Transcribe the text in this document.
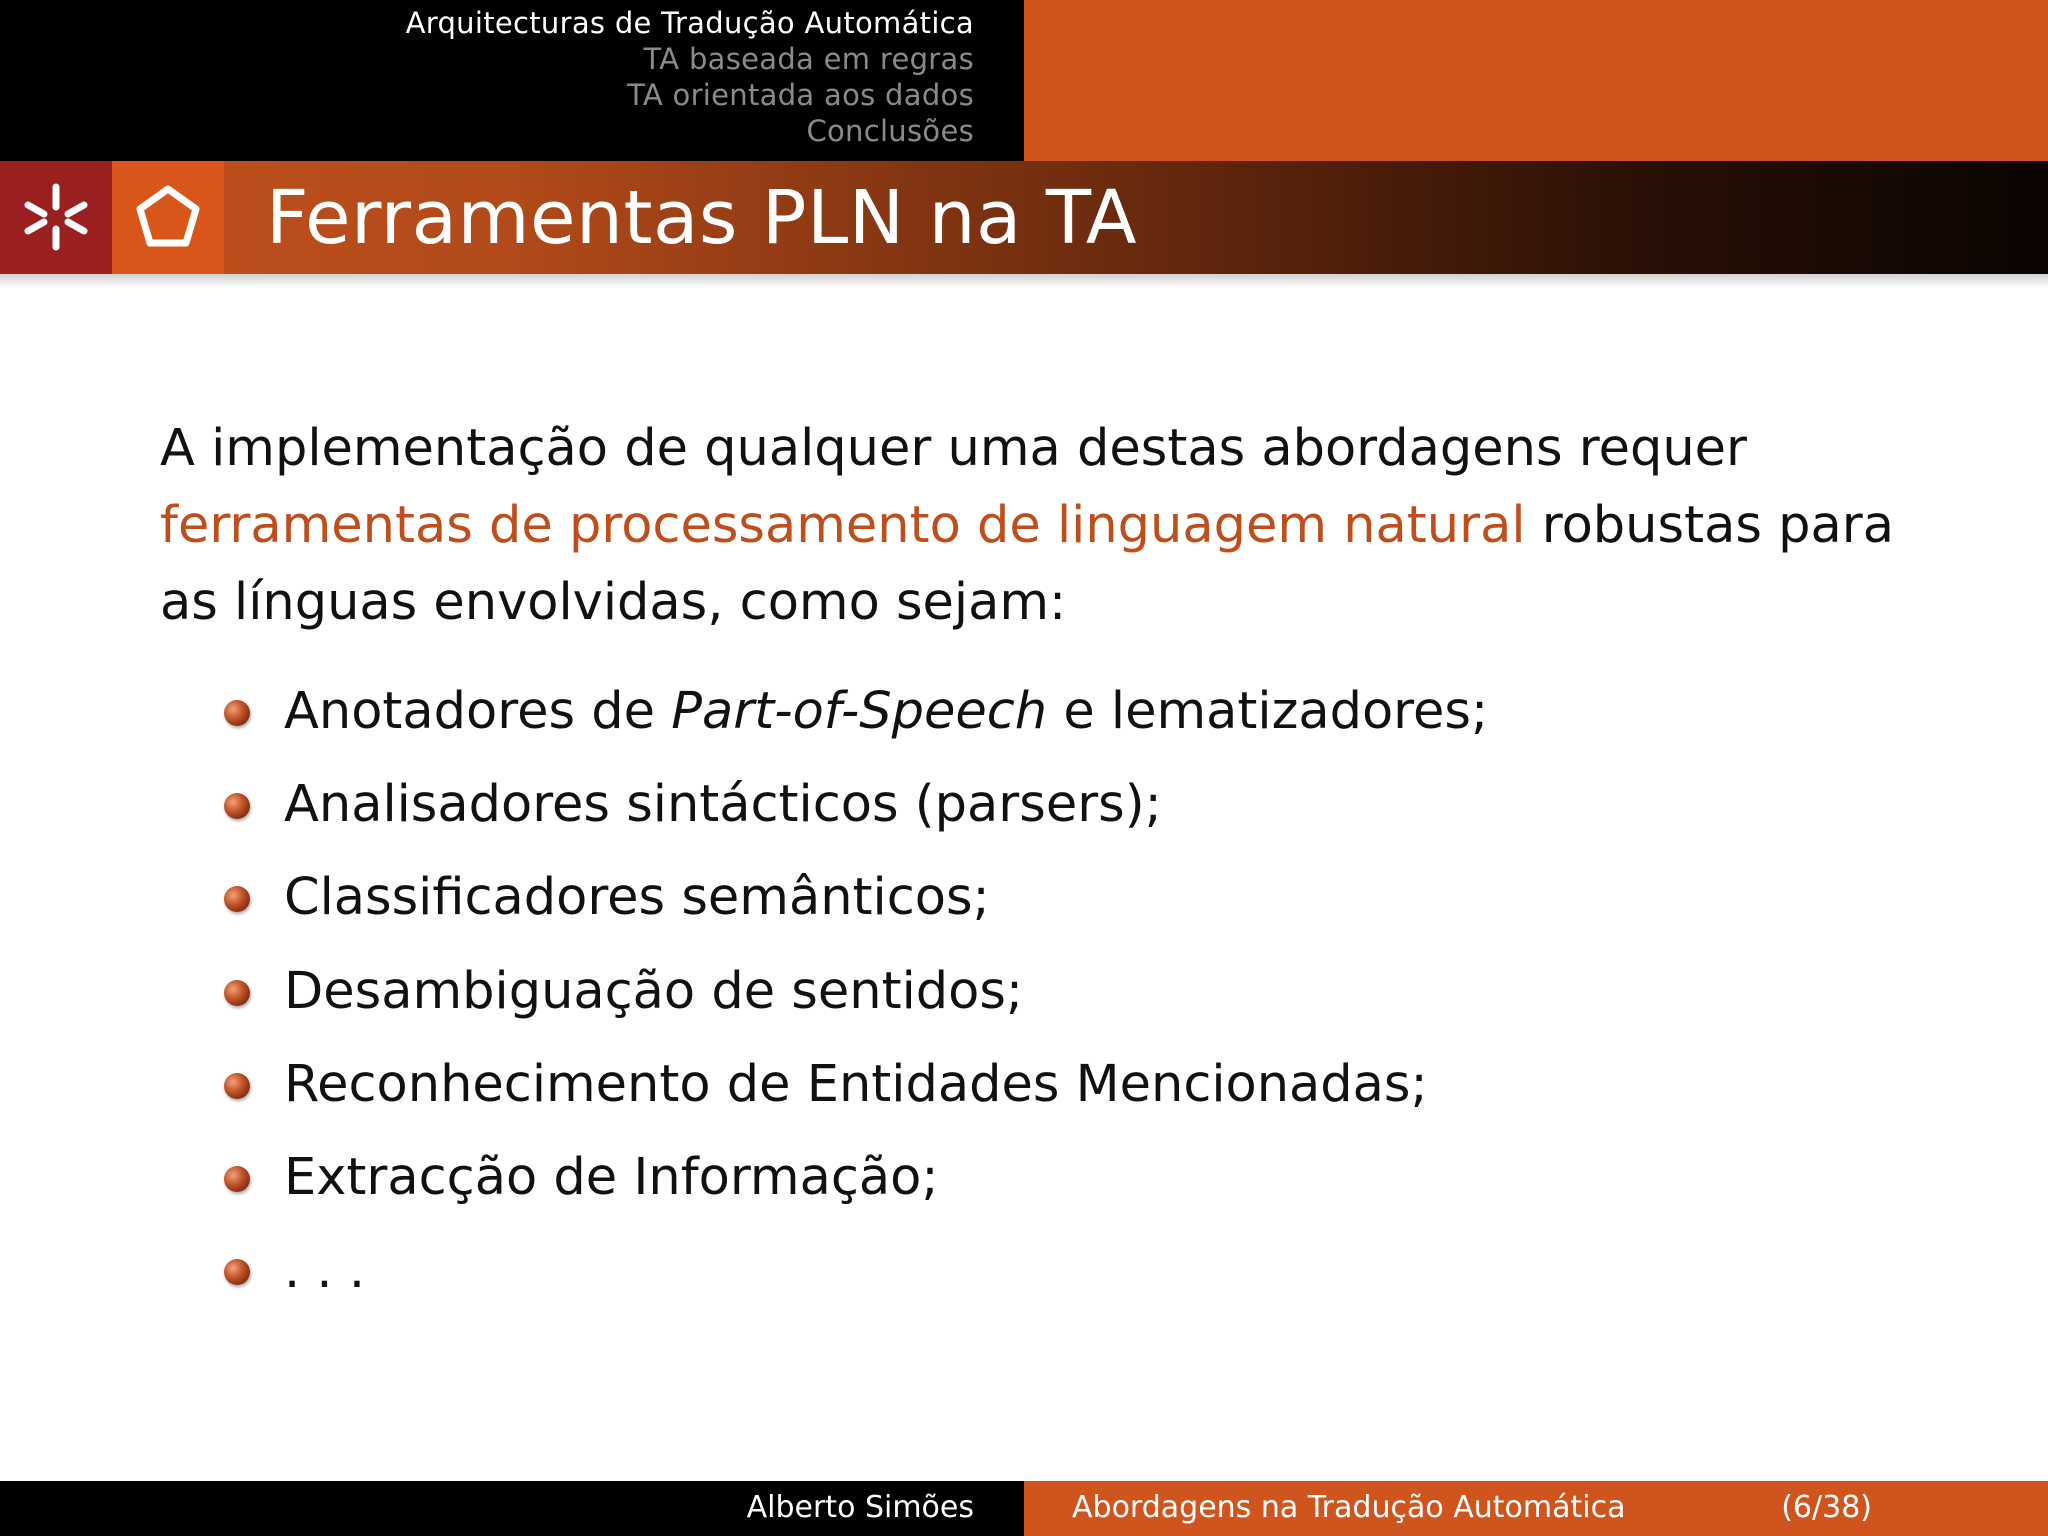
Arquitecturas de Tradução Automática
TA baseada em regras
TA orientada aos dados
Conclusões
Ferramentas PLN na TA
A implementação de qualquer uma destas abordagens requer ferramentas de processamento de linguagem natural robustas para as línguas envolvidas, como sejam:
Anotadores de Part-of-Speech e lematizadores;
Analisadores sintácticos (parsers);
Classificadores semânticos;
Desambiguação de sentidos;
Reconhecimento de Entidades Mencionadas;
Extracção de Informação;
. . .
Alberto Simões	Abordagens na Tradução Automática	(6/38)
